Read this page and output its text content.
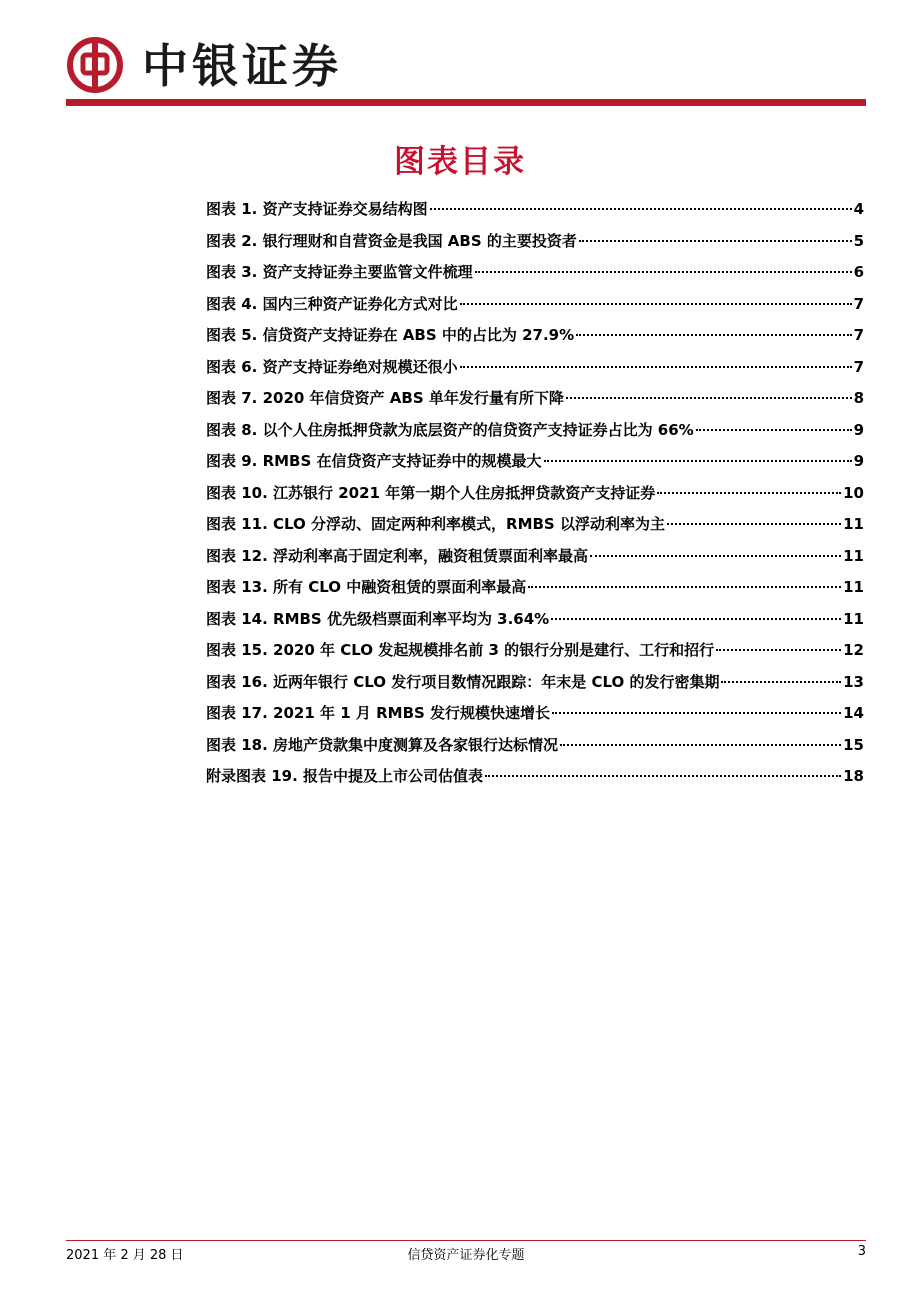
中银证券
图表目录
图表 1. 资产支持证券交易结构图	4
图表 2. 银行理财和自营资金是我国 ABS 的主要投资者	5
图表 3. 资产支持证券主要监管文件梳理	6
图表 4. 国内三种资产证券化方式对比	7
图表 5. 信贷资产支持证券在 ABS 中的占比为 27.9%	7
图表 6. 资产支持证券绝对规模还很小	7
图表 7. 2020 年信贷资产 ABS 单年发行量有所下降	8
图表 8. 以个人住房抵押贷款为底层资产的信贷资产支持证券占比为 66%	9
图表 9. RMBS 在信贷资产支持证券中的规模最大	9
图表 10. 江苏银行 2021 年第一期个人住房抵押贷款资产支持证券	10
图表 11. CLO 分浮动、固定两种利率模式，RMBS 以浮动利率为主	11
图表 12. 浮动利率高于固定利率，融资租赁票面利率最高	11
图表 13. 所有 CLO 中融资租赁的票面利率最高	11
图表 14. RMBS 优先级档票面利率平均为 3.64%	11
图表 15. 2020 年 CLO 发起规模排名前 3 的银行分别是建行、工行和招行	12
图表 16. 近两年银行 CLO 发行项目数情况跟踪：年末是 CLO 的发行密集期	13
图表 17. 2021 年 1 月 RMBS 发行规模快速增长	14
图表 18. 房地产贷款集中度测算及各家银行达标情况	15
附录图表 19. 报告中提及上市公司估值表	18
信贷资产证券化专题
2021 年 2 月 28 日	3
